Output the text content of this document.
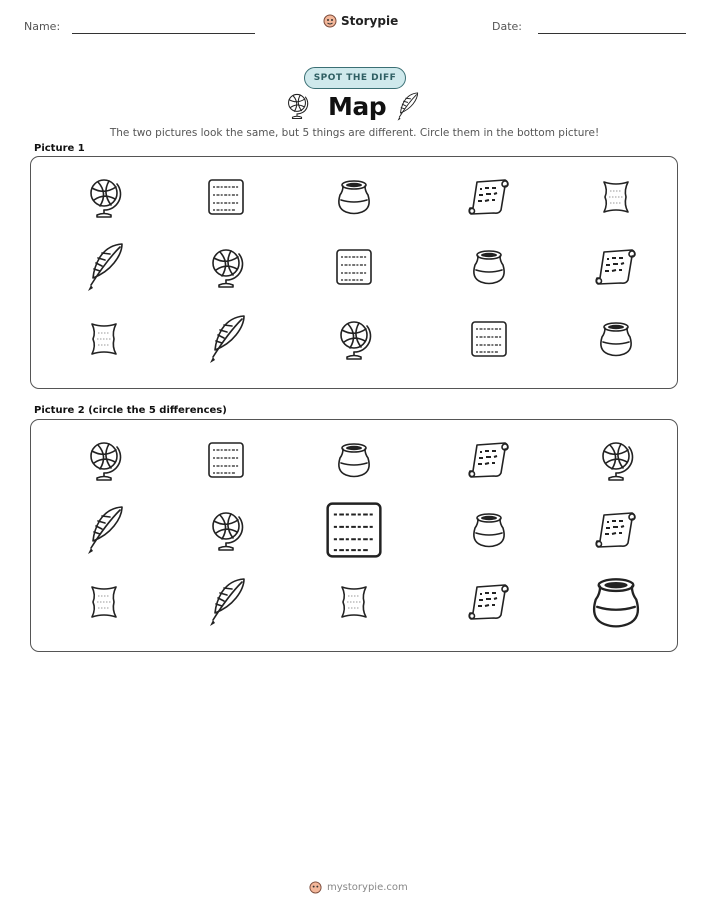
Name:	Storypie	Date:
SPOT THE DIFF
Map
The two pictures look the same, but 5 things are different. Circle them in the bottom picture!
Picture 1
Picture 2 (circle the 5 differences)
mystorypie.com
